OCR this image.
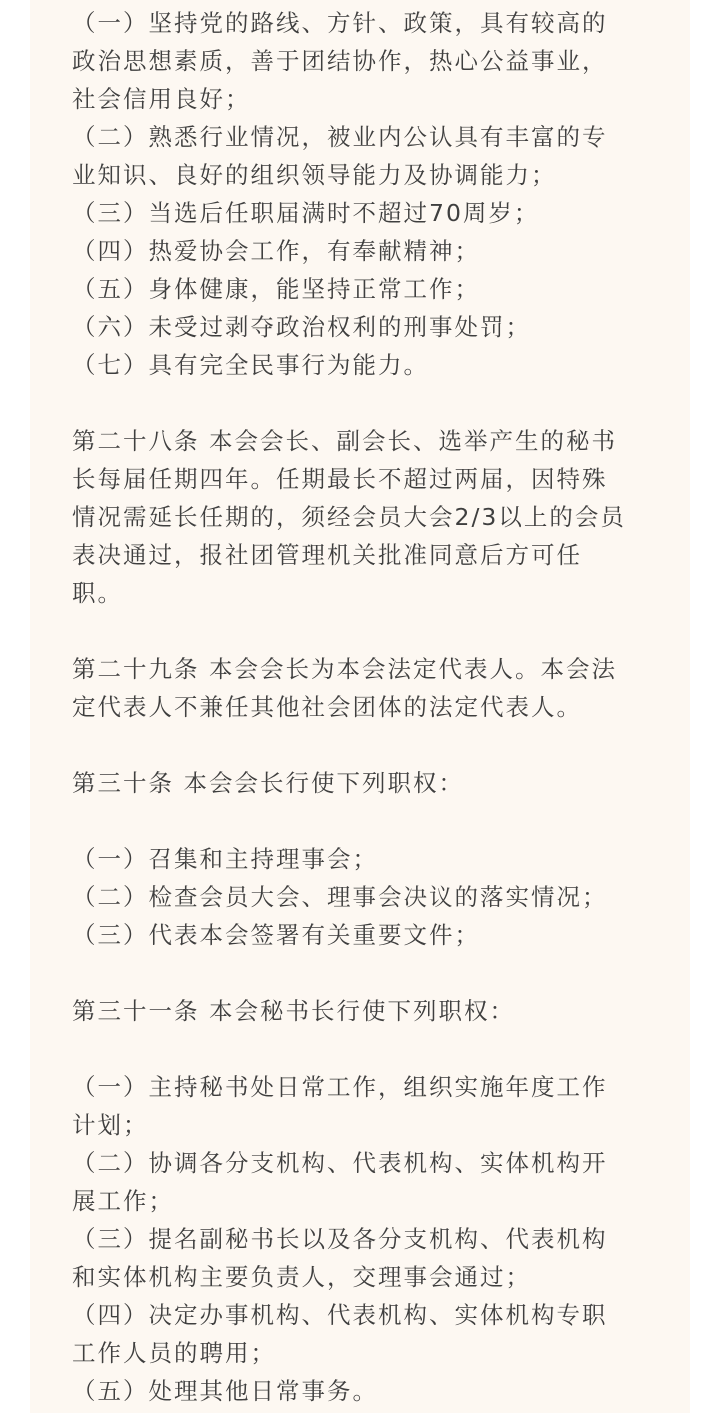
（一）坚持党的路线、方针、政策，具有较高的
政治思想素质，善于团结协作，热心公益事业，
社会信用良好；
（二）熟悉行业情况，被业内公认具有丰富的专
业知识、良好的组织领导能力及协调能力；
（三）当选后任职届满时不超过70周岁；
（四）热爱协会工作，有奉献精神；
（五）身体健康，能坚持正常工作；
（六）未受过剥夺政治权利的刑事处罚；
（七）具有完全民事行为能力。
第二十八条 本会会长、副会长、选举产生的秘书
长每届任期四年。任期最长不超过两届，因特殊
情况需延长任期的，须经会员大会2/3以上的会员
表决通过，报社团管理机关批准同意后方可任
职。
第二十九条 本会会长为本会法定代表人。本会法
定代表人不兼任其他社会团体的法定代表人。
第三十条 本会会长行使下列职权：
（一）召集和主持理事会；
（二）检查会员大会、理事会决议的落实情况；
（三）代表本会签署有关重要文件；
第三十一条 本会秘书长行使下列职权：
（一）主持秘书处日常工作，组织实施年度工作
计划；
（二）协调各分支机构、代表机构、实体机构开
展工作；
（三）提名副秘书长以及各分支机构、代表机构
和实体机构主要负责人，交理事会通过；
（四）决定办事机构、代表机构、实体机构专职
工作人员的聘用；
（五）处理其他日常事务。
